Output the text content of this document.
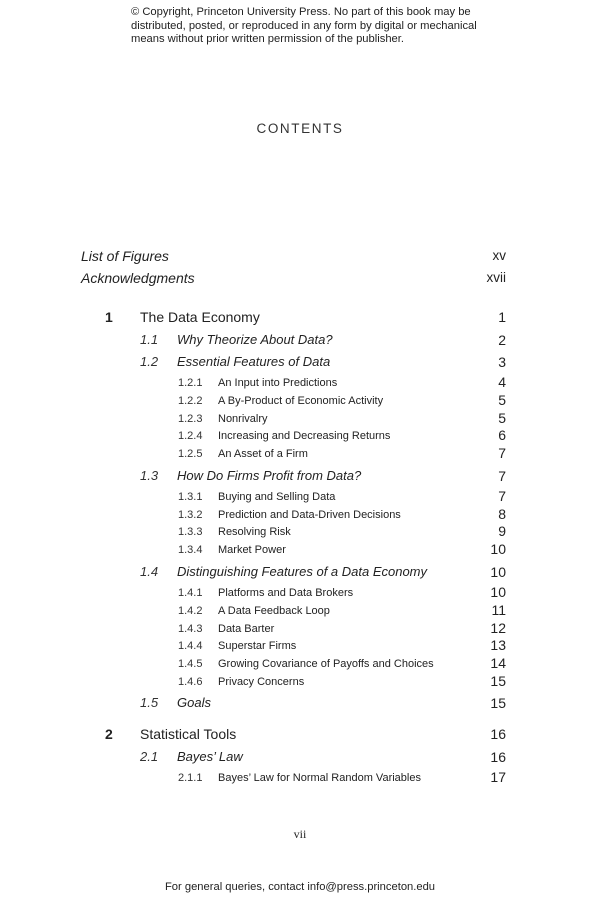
© Copyright, Princeton University Press. No part of this book may be
distributed, posted, or reproduced in any form by digital or mechanical
means without prior written permission of the publisher.
CONTENTS
List of Figures	xv
Acknowledgments	xvii
1 The Data Economy	1
1.1 Why Theorize About Data?	2
1.2 Essential Features of Data	3
1.2.1 An Input into Predictions	4
1.2.2 A By-Product of Economic Activity	5
1.2.3 Nonrivalry	5
1.2.4 Increasing and Decreasing Returns	6
1.2.5 An Asset of a Firm	7
1.3 How Do Firms Profit from Data?	7
1.3.1 Buying and Selling Data	7
1.3.2 Prediction and Data-Driven Decisions	8
1.3.3 Resolving Risk	9
1.3.4 Market Power	10
1.4 Distinguishing Features of a Data Economy	10
1.4.1 Platforms and Data Brokers	10
1.4.2 A Data Feedback Loop	11
1.4.3 Data Barter	12
1.4.4 Superstar Firms	13
1.4.5 Growing Covariance of Payoffs and Choices	14
1.4.6 Privacy Concerns	15
1.5 Goals	15
2 Statistical Tools	16
2.1 Bayes’ Law	16
2.1.1 Bayes’ Law for Normal Random Variables	17
vii
For general queries, contact info@press.princeton.edu
